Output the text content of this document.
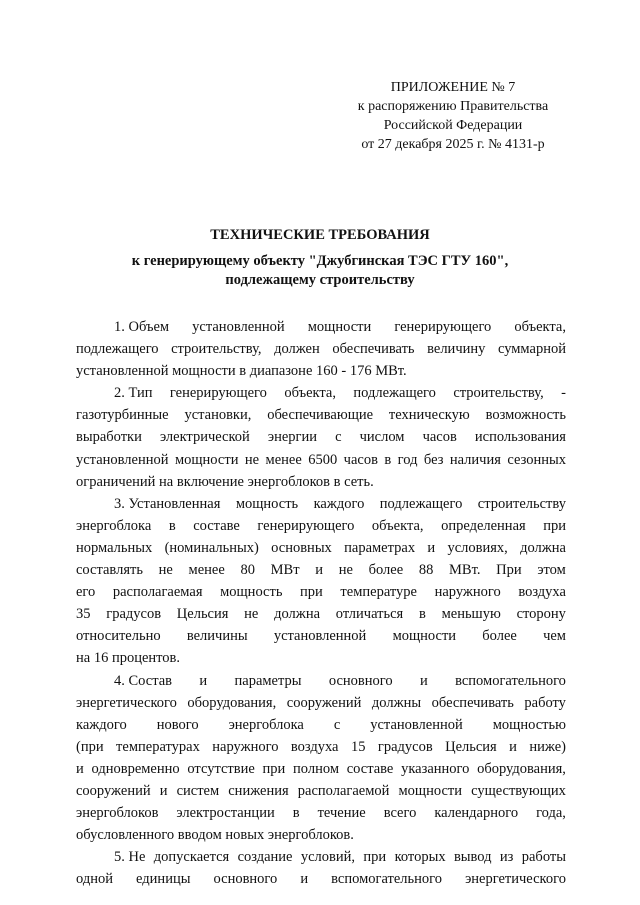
ПРИЛОЖЕНИЕ № 7
к распоряжению Правительства
Российской Федерации
от 27 декабря 2025 г. № 4131-р
ТЕХНИЧЕСКИЕ ТРЕБОВАНИЯ
к генерирующему объекту "Джубгинская ТЭС ГТУ 160",
подлежащему строительству
1. Объем установленной мощности генерирующего объекта,
подлежащего строительству, должен обеспечивать величину суммарной
установленной мощности в диапазоне 160 - 176 МВт.
2. Тип генерирующего объекта, подлежащего строительству, -
газотурбинные установки, обеспечивающие техническую возможность
выработки электрической энергии с числом часов использования
установленной мощности не менее 6500 часов в год без наличия сезонных
ограничений на включение энергоблоков в сеть.
3. Установленная мощность каждого подлежащего строительству
энергоблока в составе генерирующего объекта, определенная при
нормальных (номинальных) основных параметрах и условиях, должна
составлять не менее 80 МВт и не более 88 МВт. При этом
его располагаемая мощность при температуре наружного воздуха
35 градусов Цельсия не должна отличаться в меньшую сторону
относительно величины установленной мощности более чем
на 16 процентов.
4. Состав и параметры основного и вспомогательного
энергетического оборудования, сооружений должны обеспечивать работу
каждого нового энергоблока с установленной мощностью
(при температурах наружного воздуха 15 градусов Цельсия и ниже)
и одновременно отсутствие при полном составе указанного оборудования,
сооружений и систем снижения располагаемой мощности существующих
энергоблоков электростанции в течение всего календарного года,
обусловленного вводом новых энергоблоков.
5. Не допускается создание условий, при которых вывод из работы
одной единицы основного и вспомогательного энергетического
